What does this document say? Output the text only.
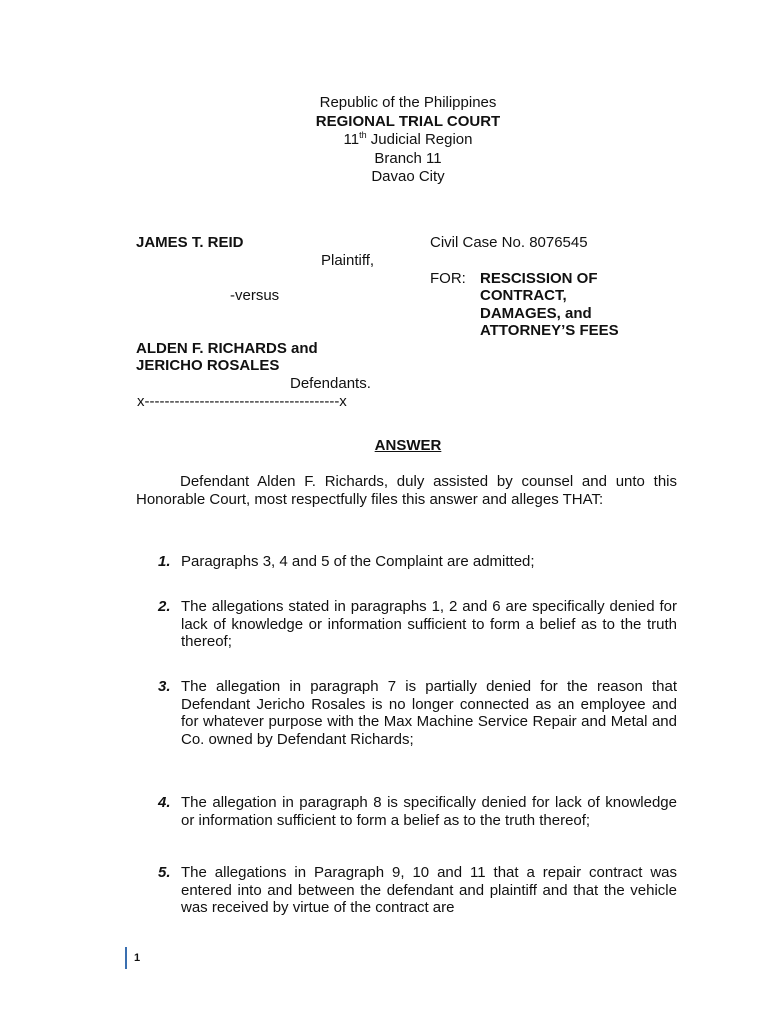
Republic of the Philippines
REGIONAL TRIAL COURT
11th Judicial Region
Branch 11
Davao City
JAMES T. REID
Plaintiff,
-versus
ALDEN F. RICHARDS and
JERICHO ROSALES
Defendants.
x---------------------------------------x
Civil Case No. 8076545
FOR: RESCISSION OF
CONTRACT,
DAMAGES, and
ATTORNEY’S FEES
ANSWER
Defendant Alden F. Richards, duly assisted by counsel and unto this Honorable Court, most respectfully files this answer and alleges THAT:
1. Paragraphs 3, 4 and 5 of the Complaint are admitted;
2. The allegations stated in paragraphs 1, 2 and 6 are specifically denied for lack of knowledge or information sufficient to form a belief as to the truth thereof;
3. The allegation in paragraph 7 is partially denied for the reason that Defendant Jericho Rosales is no longer connected as an employee and for whatever purpose with the Max Machine Service Repair and Metal and Co. owned by Defendant Richards;
4. The allegation in paragraph 8 is specifically denied for lack of knowledge or information sufficient to form a belief as to the truth thereof;
5. The allegations in Paragraph 9, 10 and 11 that a repair contract was entered into and between the defendant and plaintiff and that the vehicle was received by virtue of the contract are
1
